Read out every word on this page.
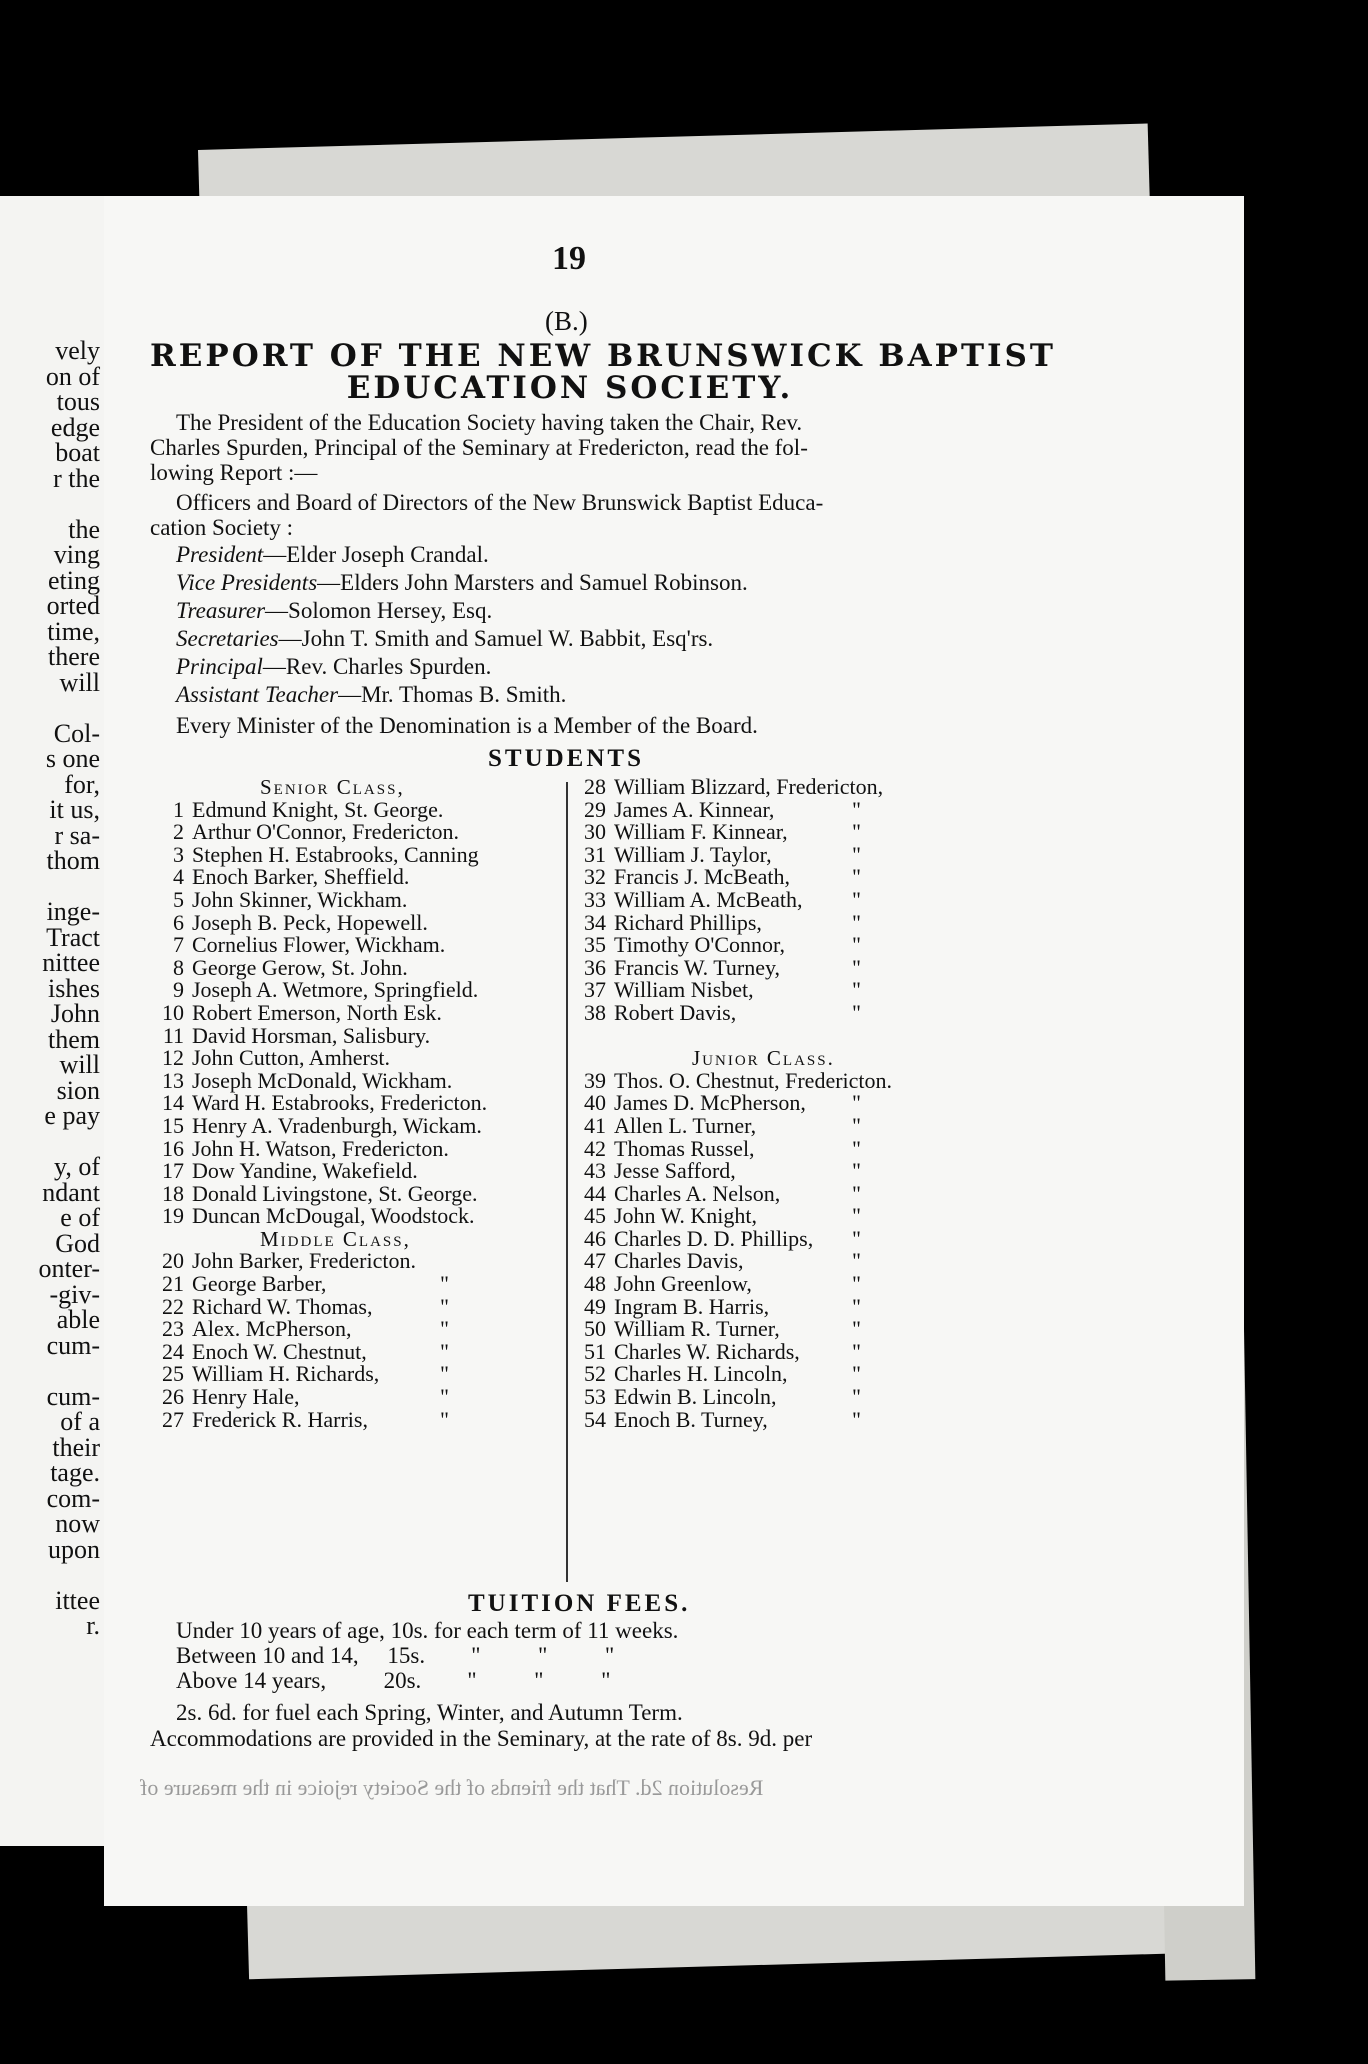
vely
on of
tous
edge
boat
r the
the
ving
eting
orted
time,
there
will
Col-
s one
for,
it us,
r sa-
thom
inge-
Tract
nittee
ishes
John
them
will
sion
e pay
y, of
ndant
e of
God
onter-
-giv-
able
cum-
cum-
of a
their
tage.
com-
now
upon
ittee
r.
19
(B.)
REPORT OF THE NEW BRUNSWICK BAPTIST
EDUCATION SOCIETY.
The President of the Education Society having taken the Chair, Rev.
Charles Spurden, Principal of the Seminary at Fredericton, read the fol-
lowing Report :—
Officers and Board of Directors of the New Brunswick Baptist Educa-
cation Society :
President—Elder Joseph Crandal.
Vice Presidents—Elders John Marsters and Samuel Robinson.
Treasurer—Solomon Hersey, Esq.
Secretaries—John T. Smith and Samuel W. Babbit, Esq'rs.
Principal—Rev. Charles Spurden.
Assistant Teacher—Mr. Thomas B. Smith.
Every Minister of the Denomination is a Member of the Board.
STUDENTS
Senior Class,
1 Edmund Knight, St. George.
2 Arthur O'Connor, Fredericton.
3 Stephen H. Estabrooks, Canning
4 Enoch Barker, Sheffield.
5 John Skinner, Wickham.
6 Joseph B. Peck, Hopewell.
7 Cornelius Flower, Wickham.
8 George Gerow, St. John.
9 Joseph A. Wetmore, Springfield.
10 Robert Emerson, North Esk.
11 David Horsman, Salisbury.
12 John Cutton, Amherst.
13 Joseph McDonald, Wickham.
14 Ward H. Estabrooks, Fredericton.
15 Henry A. Vradenburgh, Wickam.
16 John H. Watson, Fredericton.
17 Dow Yandine, Wakefield.
18 Donald Livingstone, St. George.
19 Duncan McDougal, Woodstock.
Middle Class,
20 John Barker, Fredericton.
21 George Barber,	"
22 Richard W. Thomas,	"
23 Alex. McPherson,	"
24 Enoch W. Chestnut,	"
25 William H. Richards,	"
26 Henry Hale,	"
27 Frederick R. Harris,	"
28 William Blizzard, Fredericton,
29 James A. Kinnear,	"
30 William F. Kinnear,	"
31 William J. Taylor,	"
32 Francis J. McBeath,	"
33 William A. McBeath, "
34 Richard Phillips,	"
35 Timothy O'Connor,	"
36 Francis W. Turney,	"
37 William Nisbet,	"
38 Robert Davis,	"
Junior Class.
39 Thos. O. Chestnut, Fredericton.
40 James D. McPherson, "
41 Allen L. Turner,	"
42 Thomas Russel,	"
43 Jesse Safford,	"
44 Charles A. Nelson,	"
45 John W. Knight,	"
46 Charles D. D. Phillips, "
47 Charles Davis,	"
48 John Greenlow,	"
49 Ingram B. Harris,	"
50 William R. Turner,	"
51 Charles W. Richards, "
52 Charles H. Lincoln,	"
53 Edwin B. Lincoln,	"
54 Enoch B. Turney,	"
TUITION FEES.
Under 10 years of age, 10s. for each term of 11 weeks.
Between 10 and 14,     15s.        "          "          "
Above 14 years,          20s.        "          "          "
2s. 6d. for fuel each Spring, Winter, and Autumn Term.
Accommodations are provided in the Seminary, at the rate of 8s. 9d. per
Resolution 2d. That the friends of the Society rejoice in the measure of
